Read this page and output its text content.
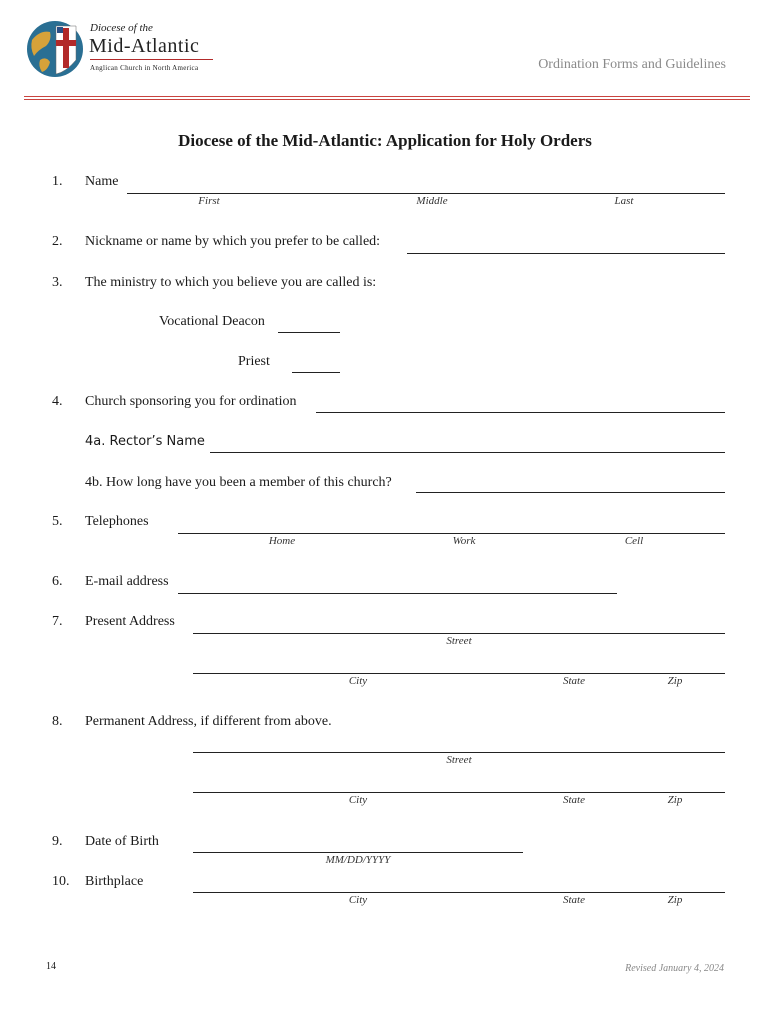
Diocese of the
Mid-Atlantic
Anglican Church in North America	Ordination Forms and Guidelines
Diocese of the Mid-Atlantic: Application for Holy Orders
1. Name
First	Middle	Last
2. Nickname or name by which you prefer to be called:
3. The ministry to which you believe you are called is:
Vocational Deacon
Priest
4. Church sponsoring you for ordination
4a. Rector’s Name
4b. How long have you been a member of this church?
5. Telephones
Home	Work	Cell
6. E-mail address
7. Present Address
Street
City	State	Zip
8. Permanent Address, if different from above.
Street
City	State	Zip
9. Date of Birth
MM/DD/YYYY
10. Birthplace
City	State	Zip
14	Revised January 4, 2024
